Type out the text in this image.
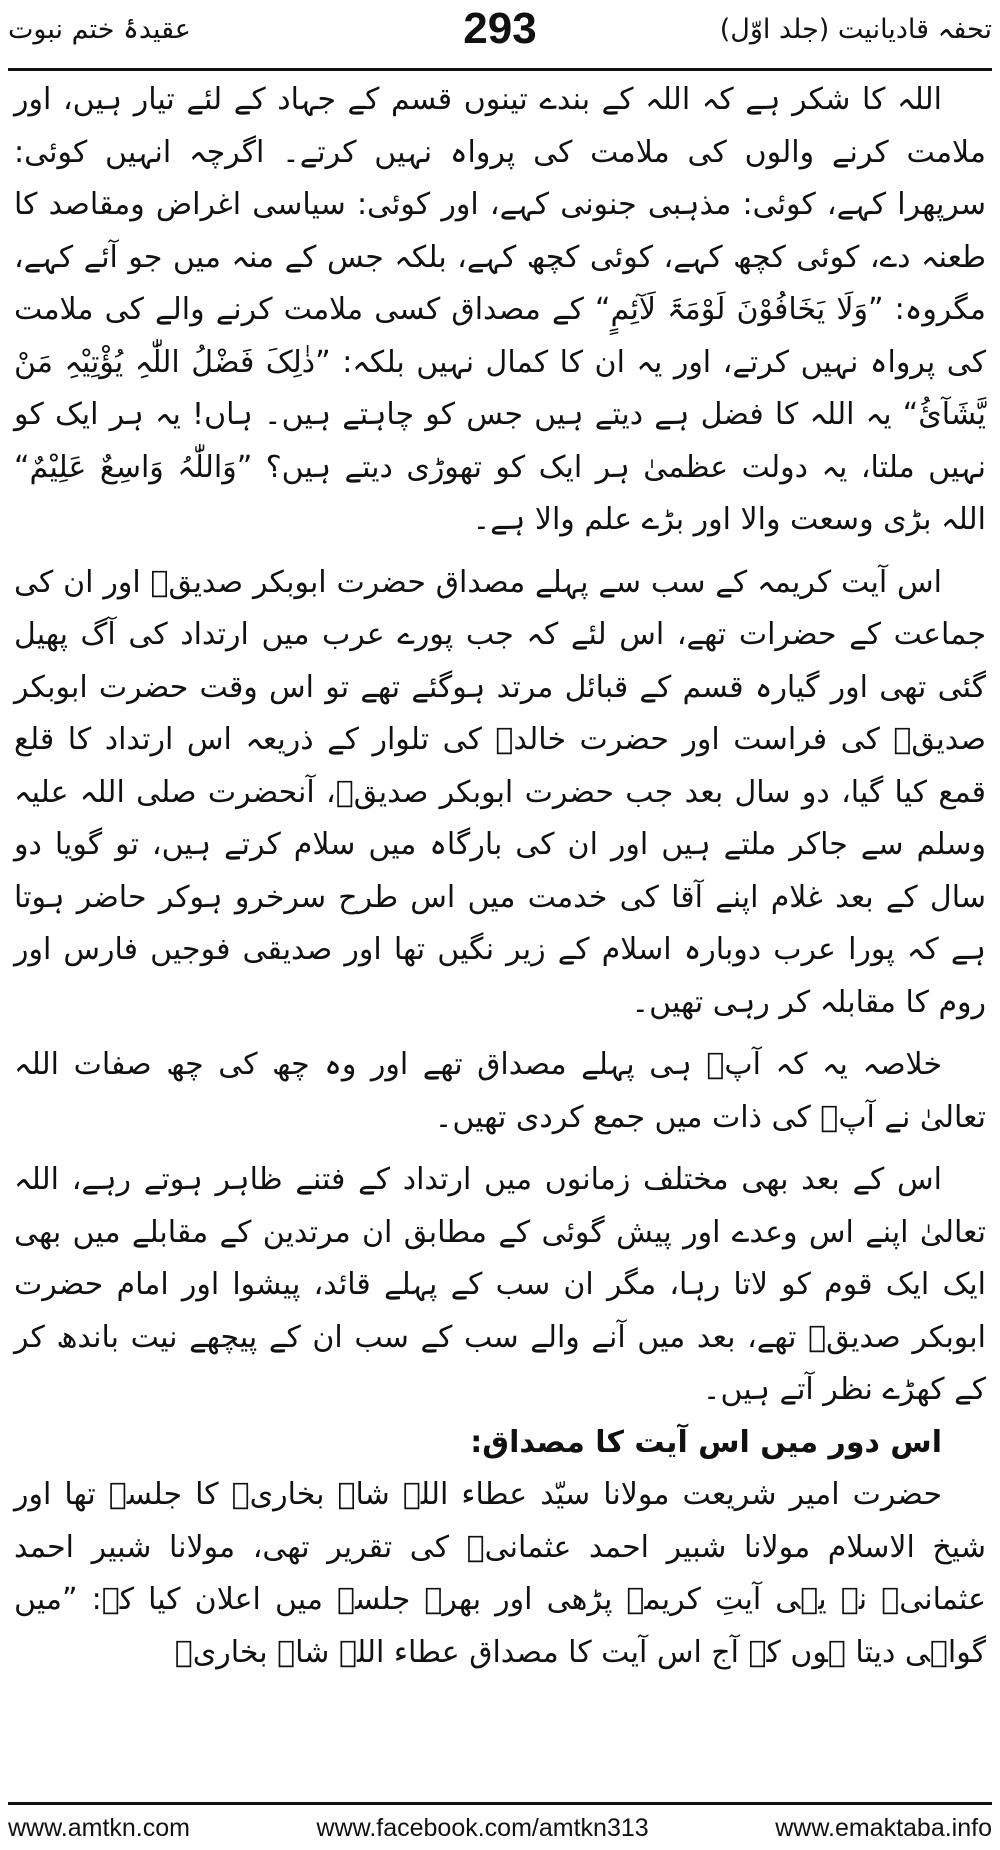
عقیدۂ ختم نبوت	293	تحفہ قادیانیت (جلد اوّل)

اللہ کا شکر ہے کہ اللہ کے بندے تینوں قسم کے جہاد کے لئے تیار ہیں، اور ملامت کرنے والوں کی ملامت کی پرواہ نہیں کرتے۔ اگرچہ انہیں کوئی: سرپھرا کہے، کوئی: مذہبی جنونی کہے، اور کوئی: سیاسی اغراض ومقاصد کا طعنہ دے، کوئی کچھ کہے، کوئی کچھ کہے، بلکہ جس کے منہ میں جو آئے کہے، مگروہ: ”وَلَا یَخَافُوْنَ لَوْمَۃَ لَآئِمٍ“ کے مصداق کسی ملامت کرنے والے کی ملامت کی پرواہ نہیں کرتے، اور یہ ان کا کمال نہیں بلکہ: ”ذٰلِکَ فَضْلُ اللّٰہِ یُؤْتِیْہِ مَنْ یَّشَآئُ“ یہ اللہ کا فضل ہے دیتے ہیں جس کو چاہتے ہیں۔ ہاں! یہ ہر ایک کو نہیں ملتا، یہ دولت عظمیٰ ہر ایک کو تھوڑی دیتے ہیں؟ ”وَاللّٰہُ وَاسِعٌ عَلِیْمٌ“ اللہ بڑی وسعت والا اور بڑے علم والا ہے۔

اس آیت کریمہ کے سب سے پہلے مصداق حضرت ابوبکر صدیقؓ اور ان کی جماعت کے حضرات تھے، اس لئے کہ جب پورے عرب میں ارتداد کی آگ پھیل گئی تھی اور گیارہ قسم کے قبائل مرتد ہوگئے تھے تو اس وقت حضرت ابوبکر صدیقؓ کی فراست اور حضرت خالدؓ کی تلوار کے ذریعہ اس ارتداد کا قلع قمع کیا گیا، دو سال بعد جب حضرت ابوبکر صدیقؓ، آنحضرت صلی اللہ علیہ وسلم سے جاکر ملتے ہیں اور ان کی بارگاہ میں سلام کرتے ہیں، تو گویا دو سال کے بعد غلام اپنے آقا کی خدمت میں اس طرح سرخرو ہوکر حاضر ہوتا ہے کہ پورا عرب دوبارہ اسلام کے زیر نگیں تھا اور صدیقی فوجیں فارس اور روم کا مقابلہ کر رہی تھیں۔

خلاصہ یہ کہ آپؓ ہی پہلے مصداق تھے اور وہ چھ کی چھ صفات اللہ تعالیٰ نے آپؓ کی ذات میں جمع کردی تھیں۔

اس کے بعد بھی مختلف زمانوں میں ارتداد کے فتنے ظاہر ہوتے رہے، اللہ تعالیٰ اپنے اس وعدے اور پیش گوئی کے مطابق ان مرتدین کے مقابلے میں بھی ایک ایک قوم کو لاتا رہا، مگر ان سب کے پہلے قائد، پیشوا اور امام حضرت ابوبکر صدیقؓ تھے، بعد میں آنے والے سب کے سب ان کے پیچھے نیت باندھ کر کے کھڑے نظر آتے ہیں۔

اس دور میں اس آیت کا مصداق:

حضرت امیر شریعت مولانا سیّد عطاء اللہ شاہ بخاریؒ کا جلسہ تھا اور شیخ الاسلام مولانا شبیر احمد عثمانیؒ کی تقریر تھی، مولانا شبیر احمد عثمانیؒ نے یہی آیتِ کریمہ پڑھی اور بھرے جلسے میں اعلان کیا کہ: ”میں گواہی دیتا ہوں کہ آج اس آیت کا مصداق عطاء اللہ شاہ بخاریؒ

www.amtkn.com	www.facebook.com/amtkn313	www.emaktaba.info
